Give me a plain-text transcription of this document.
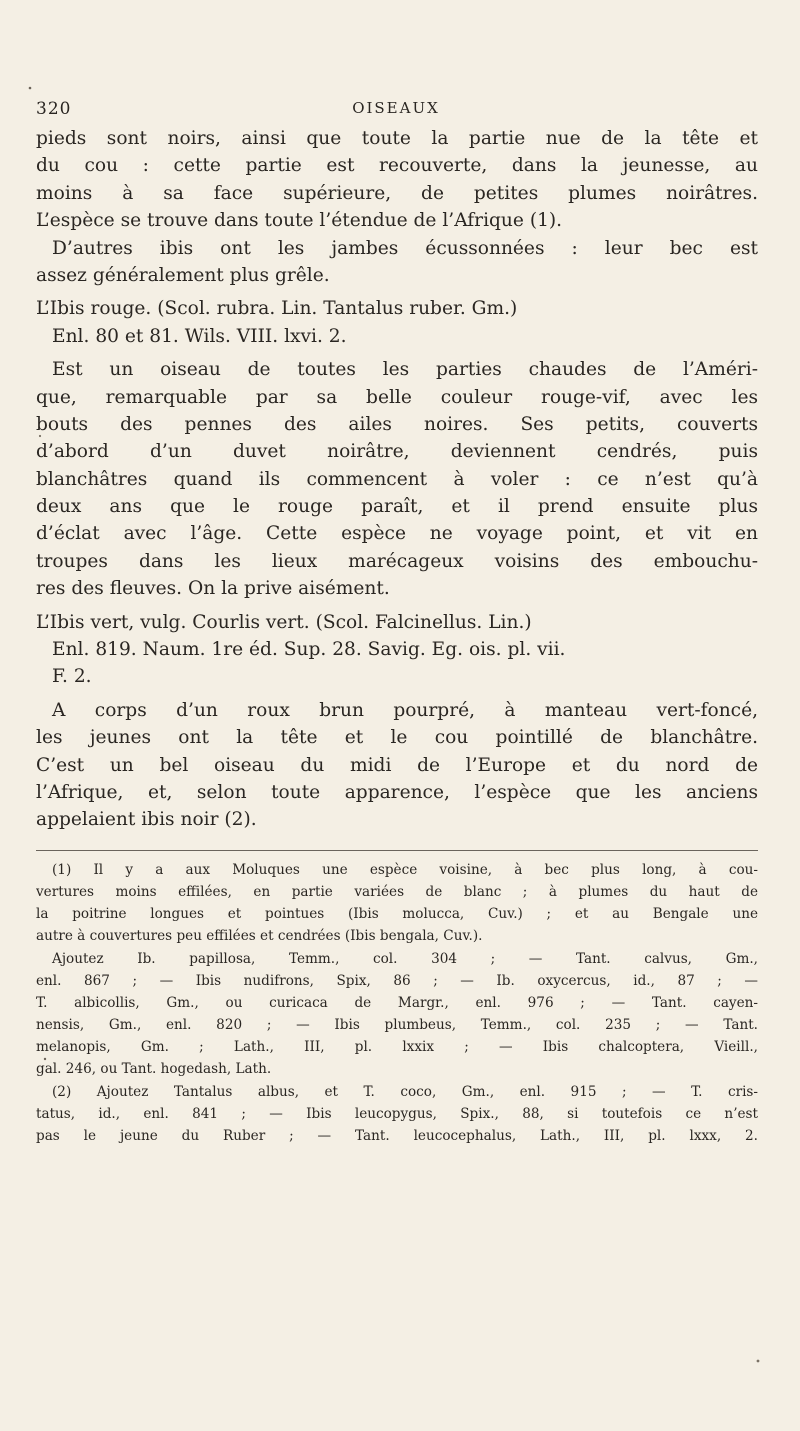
320	OISEAUX
pieds sont noirs, ainsi que toute la partie nue de la tête et
du cou : cette partie est recouverte, dans la jeunesse, au
moins à sa face supérieure, de petites plumes noirâtres.
L’espèce se trouve dans toute l’étendue de l’Afrique (1).
D’autres ibis ont les jambes écussonnées : leur bec est
assez généralement plus grêle.
L’Ibis rouge. (Scol. rubra. Lin. Tantalus ruber. Gm.)
Enl. 80 et 81. Wils. VIII. lxvi. 2.
Est un oiseau de toutes les parties chaudes de l’Améri-
que, remarquable par sa belle couleur rouge-vif, avec les
bouts des pennes des ailes noires. Ses petits, couverts
d’abord d’un duvet noirâtre, deviennent cendrés, puis
blanchâtres quand ils commencent à voler : ce n’est qu’à
deux ans que le rouge paraît, et il prend ensuite plus
d’éclat avec l’âge. Cette espèce ne voyage point, et vit en
troupes dans les lieux marécageux voisins des embouchu-
res des fleuves. On la prive aisément.
L’Ibis vert, vulg. Courlis vert. (Scol. Falcinellus. Lin.)
Enl. 819. Naum. 1re éd. Sup. 28. Savig. Eg. ois. pl. vii.
F. 2.
A corps d’un roux brun pourpré, à manteau vert-foncé,
les jeunes ont la tête et le cou pointillé de blanchâtre.
C’est un bel oiseau du midi de l’Europe et du nord de
l’Afrique, et, selon toute apparence, l’espèce que les anciens
appelaient ibis noir (2).
(1) Il y a aux Moluques une espèce voisine, à bec plus long, à cou-
vertures moins effilées, en partie variées de blanc ; à plumes du haut de
la poitrine longues et pointues (Ibis molucca, Cuv.) ; et au Bengale une
autre à couvertures peu effilées et cendrées (Ibis bengala, Cuv.).
Ajoutez Ib. papillosa, Temm., col. 304 ; — Tant. calvus, Gm.,
enl. 867 ; — Ibis nudifrons, Spix, 86 ; — Ib. oxycercus, id., 87 ; —
T. albicollis, Gm., ou curicaca de Margr., enl. 976 ; — Tant. cayen-
nensis, Gm., enl. 820 ; — Ibis plumbeus, Temm., col. 235 ; — Tant.
melanopis, Gm. ; Lath., III, pl. lxxix ; — Ibis chalcoptera, Vieill.,
gal. 246, ou Tant. hogedash, Lath.
(2) Ajoutez Tantalus albus, et T. coco, Gm., enl. 915 ; — T. cris-
tatus, id., enl. 841 ; — Ibis leucopygus, Spix., 88, si toutefois ce n’est
pas le jeune du Ruber ; — Tant. leucocephalus, Lath., III, pl. lxxx, 2.
